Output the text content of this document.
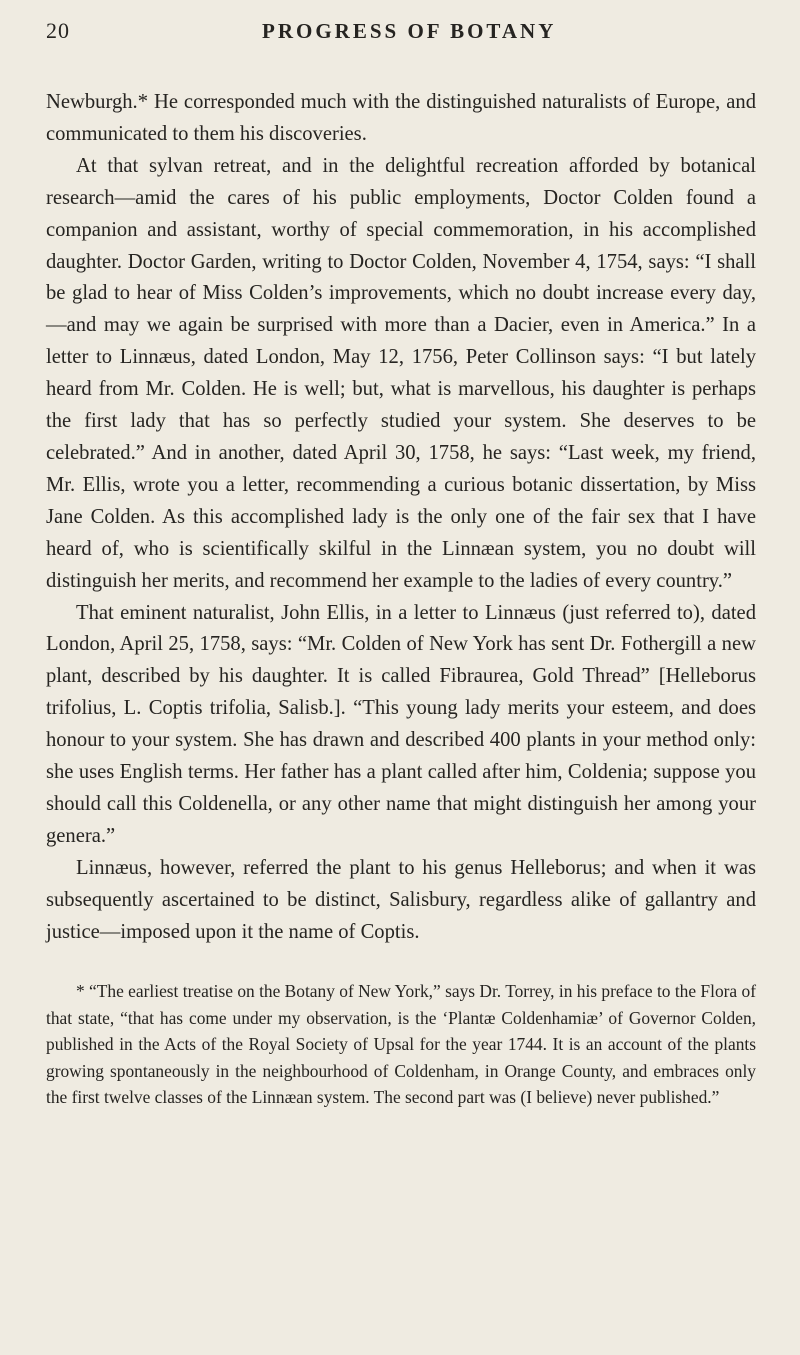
20	PROGRESS OF BOTANY

Newburgh.* He corresponded much with the distinguished naturalists of Europe, and communicated to them his discoveries.

At that sylvan retreat, and in the delightful recreation afforded by botanical research—amid the cares of his public employments, Doctor Colden found a companion and assistant, worthy of special commemoration, in his accomplished daughter. Doctor Garden, writing to Doctor Colden, November 4, 1754, says: “I shall be glad to hear of Miss Colden’s improvements, which no doubt increase every day,—and may we again be surprised with more than a Dacier, even in America.” In a letter to Linnæus, dated London, May 12, 1756, Peter Collinson says: “I but lately heard from Mr. Colden. He is well; but, what is marvellous, his daughter is perhaps the first lady that has so perfectly studied your system. She deserves to be celebrated.” And in another, dated April 30, 1758, he says: “Last week, my friend, Mr. Ellis, wrote you a letter, recommending a curious botanic dissertation, by Miss Jane Colden. As this accomplished lady is the only one of the fair sex that I have heard of, who is scientifically skilful in the Linnæan system, you no doubt will distinguish her merits, and recommend her example to the ladies of every country.”

That eminent naturalist, John Ellis, in a letter to Linnæus (just referred to), dated London, April 25, 1758, says: “Mr. Colden of New York has sent Dr. Fothergill a new plant, described by his daughter. It is called Fibraurea, Gold Thread” [Helleborus trifolius, L. Coptis trifolia, Salisb.]. “This young lady merits your esteem, and does honour to your system. She has drawn and described 400 plants in your method only: she uses English terms. Her father has a plant called after him, Coldenia; suppose you should call this Coldenella, or any other name that might distinguish her among your genera.”

Linnæus, however, referred the plant to his genus Helleborus; and when it was subsequently ascertained to be distinct, Salisbury, regardless alike of gallantry and justice—imposed upon it the name of Coptis.

* “The earliest treatise on the Botany of New York,” says Dr. Torrey, in his preface to the Flora of that state, “that has come under my observation, is the ‘Plantæ Coldenhamiæ’ of Governor Colden, published in the Acts of the Royal Society of Upsal for the year 1744. It is an account of the plants growing spontaneously in the neighbourhood of Coldenham, in Orange County, and embraces only the first twelve classes of the Linnæan system. The second part was (I believe) never published.”
